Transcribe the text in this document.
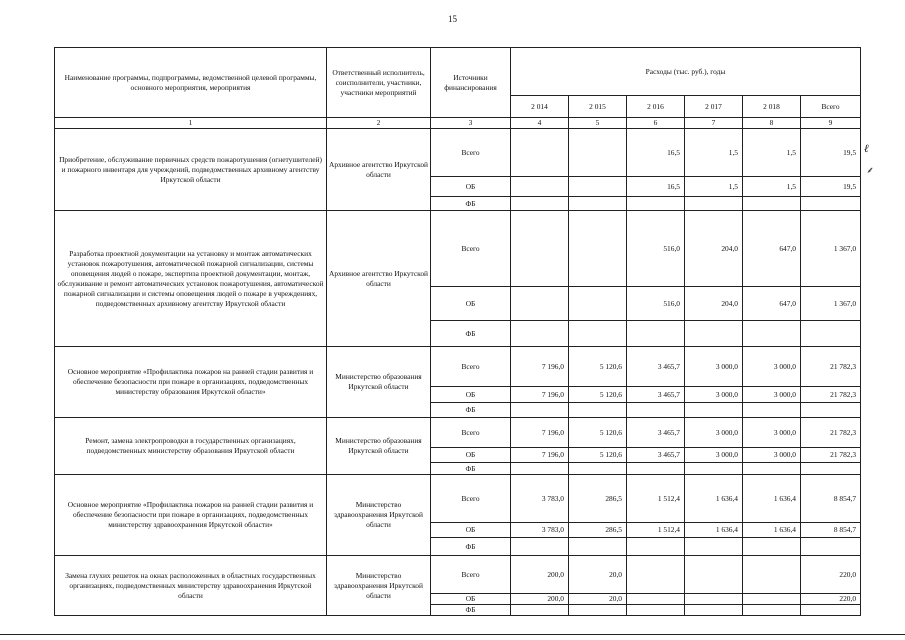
15
Наименование программы, подпрограммы, ведомственной целевой программы, основного мероприятия, мероприятия	Ответственный исполнитель, соисполнители, участники, участники мероприятий	Источники финансирования	Расходы (тыс. руб.), годы					
			2 014	2 015	2 016	2 017	2 018	Всего
1	2	3	4	5	6	7	8	9
Приобретение, обслуживание первичных средств пожаротушения (огнетушителей) и пожарного инвентаря для учреждений, подведомственных архивному агентству Иркутской области	Архивное агентство Иркутской области	Всего			16,5	1,5	1,5	19,5
		ОБ			16,5	1,5	1,5	19,5
		ФБ						
Разработка проектной документации на установку и монтаж автоматических установок пожаротушения, автоматической пожарной сигнализации, системы оповещения людей о пожаре, экспертиза проектной документации, монтаж, обслуживание и ремонт автоматических установок пожаротушения, автоматической пожарной сигнализации и системы оповещения людей о пожаре в учреждениях, подведомственных архивному агентству Иркутской области	Архивное агентство Иркутской области	Всего			516,0	204,0	647,0	1 367,0
		ОБ			516,0	204,0	647,0	1 367,0
		ФБ						
Основное мероприятие «Профилактика пожаров на ранней стадии развития и обеспечение безопасности при пожаре в организациях, подведомственных министерству образования Иркутской области»	Министерство образования Иркутской области	Всего	7 196,0	5 120,6	3 465,7	3 000,0	3 000,0	21 782,3
		ОБ	7 196,0	5 120,6	3 465,7	3 000,0	3 000,0	21 782,3
		ФБ						
Ремонт, замена электропроводки в государственных организациях, подведомственных министерству образования Иркутской области	Министерство образования Иркутской области	Всего	7 196,0	5 120,6	3 465,7	3 000,0	3 000,0	21 782,3
		ОБ	7 196,0	5 120,6	3 465,7	3 000,0	3 000,0	21 782,3
		ФБ						
Основное мероприятие «Профилактика пожаров на ранней стадии развития и обеспечение безопасности при пожаре в организациях, подведомственных министерству здравоохранения Иркутской области»	Министерство здравоохранения Иркутской области	Всего	3 783,0	286,5	1 512,4	1 636,4	1 636,4	8 854,7
		ОБ	3 783,0	286,5	1 512,4	1 636,4	1 636,4	8 854,7
		ФБ						
Замена глухих решеток на окнах расположенных в областных государственных организациях, подведомственных министерству здравоохранения Иркутской области	Министерство здравоохранения Иркутской области	Всего	200,0	20,0				220,0
		ОБ	200,0	20,0				220,0
		ФБ						
ℓ
⸙
